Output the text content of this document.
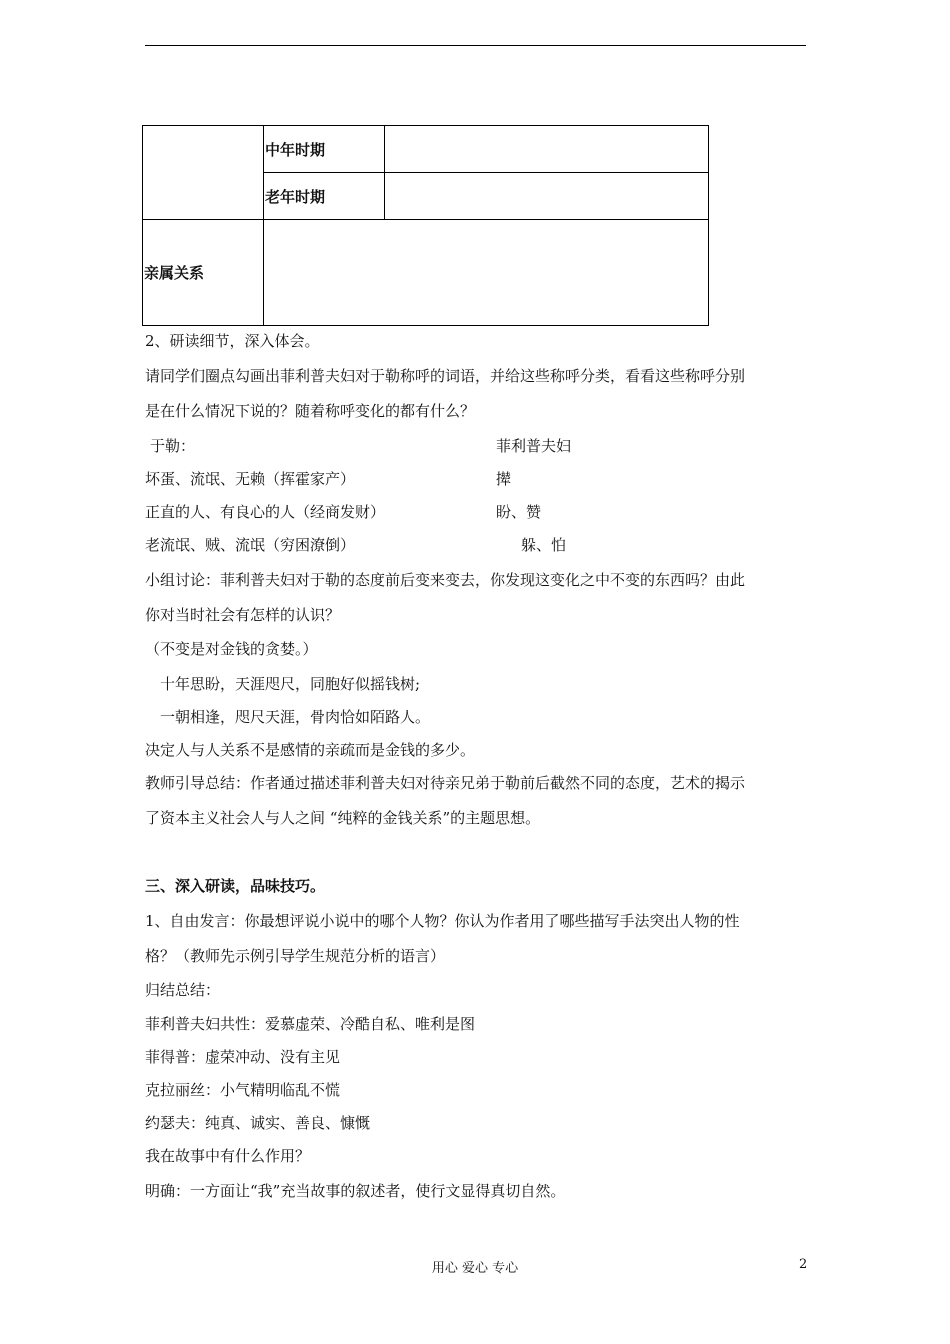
	中年时期	
	老年时期	
亲属关系		
2、研读细节，深入体会。
请同学们圈点勾画出菲利普夫妇对于勒称呼的词语，并给这些称呼分类，看看这些称呼分别
是在什么情况下说的？随着称呼变化的都有什么？
于勒：	菲利普夫妇
坏蛋、流氓、无赖（挥霍家产）	撵
正直的人、有良心的人（经商发财）	盼、赞
老流氓、贼、流氓（穷困潦倒）	躲、怕
小组讨论：菲利普夫妇对于勒的态度前后变来变去，你发现这变化之中不变的东西吗？由此
你对当时社会有怎样的认识？
（不变是对金钱的贪婪。）
十年思盼，天涯咫尺，同胞好似摇钱树;
一朝相逢，咫尺天涯，骨肉恰如陌路人。
决定人与人关系不是感情的亲疏而是金钱的多少。
教师引导总结：作者通过描述菲利普夫妇对待亲兄弟于勒前后截然不同的态度，艺术的揭示
了资本主义社会人与人之间 “纯粹的金钱关系”的主题思想。
三、深入研读，品味技巧。
1、自由发言：你最想评说小说中的哪个人物？你认为作者用了哪些描写手法突出人物的性
格？（教师先示例引导学生规范分析的语言）
归结总结：
菲利普夫妇共性：爱慕虚荣、冷酷自私、唯利是图
菲得普：虚荣冲动、没有主见
克拉丽丝：小气精明临乱不慌
约瑟夫：纯真、诚实、善良、慷慨
我在故事中有什么作用？
明确：一方面让“我”充当故事的叙述者，使行文显得真切自然。
用心 爱心 专心	2
